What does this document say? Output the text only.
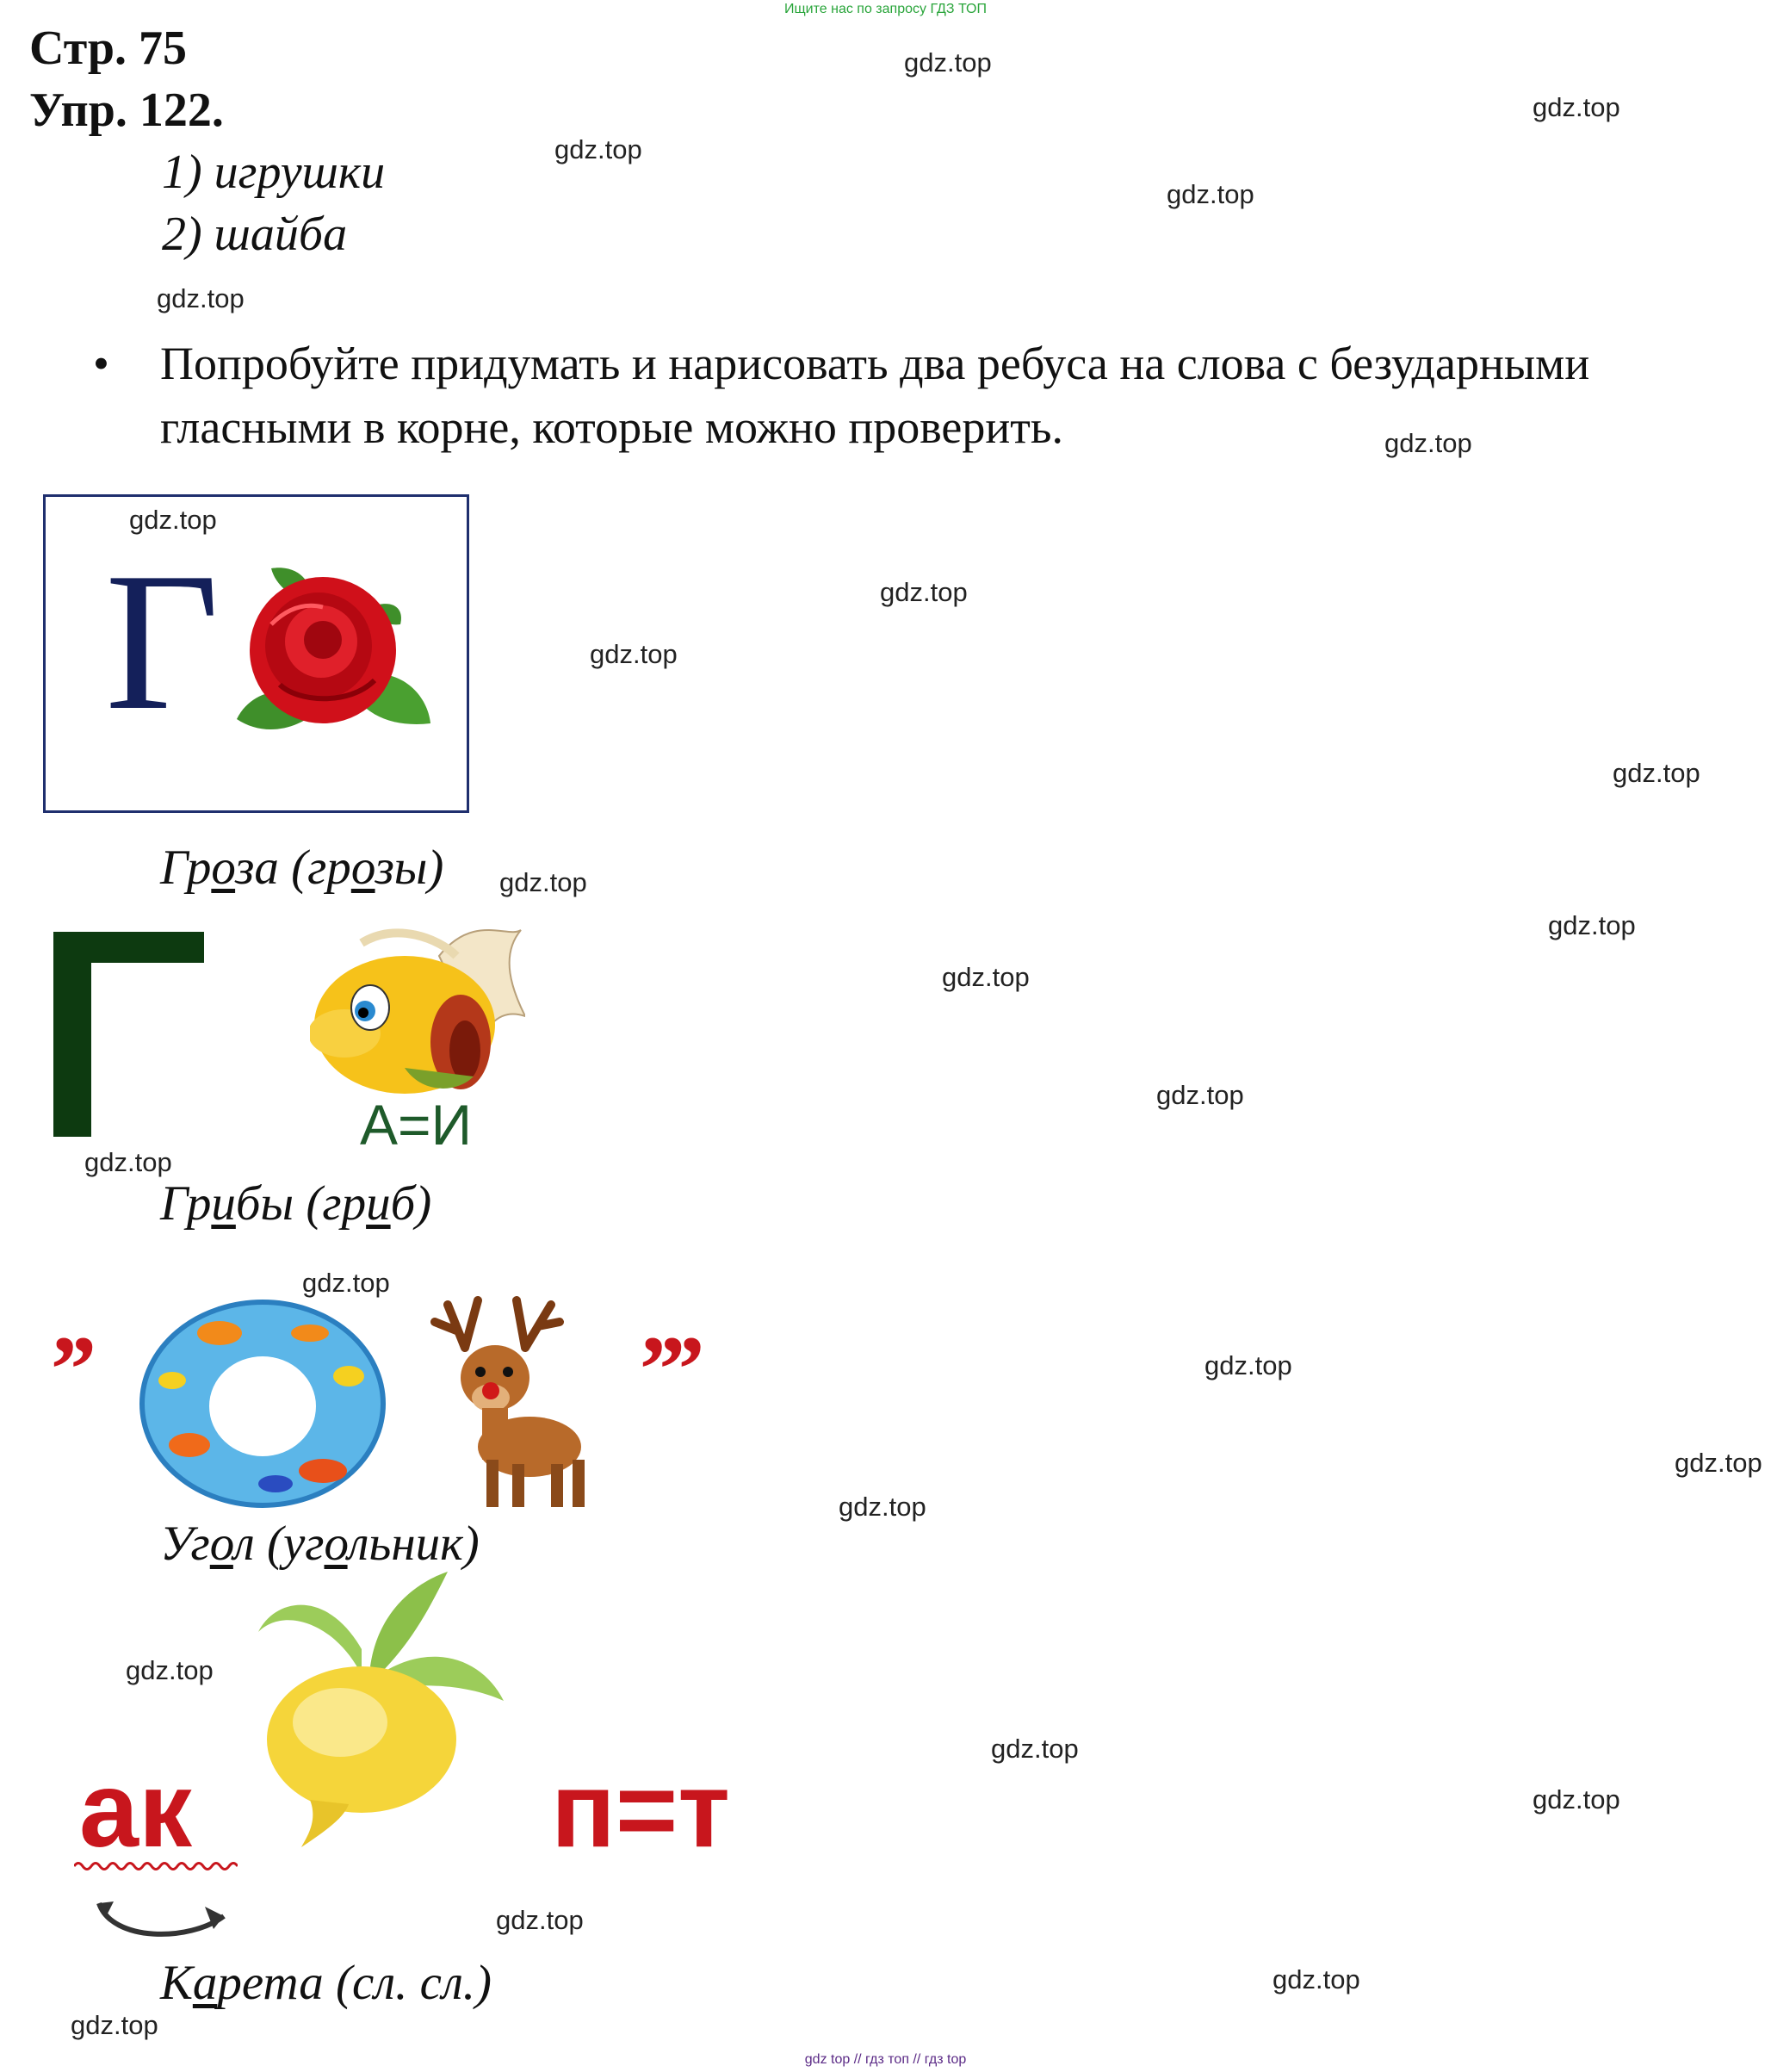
Ищите нас по запросу ГДЗ ТОП
gdz top // гдз топ // гдз top
Стр. 75
Упр. 122.
1) игрушки
2) шайба
•	Попробуйте придумать и нарисовать два ребуса на слова с безударными гласными в корне, которые можно проверить.
Г
Гроза (грозы)
А=И
Грибы (гриб)
’’	’’’
Угол (угольник)
ак	п=т
Карета (сл. сл.)
gdz.top
gdz.top
gdz.top
gdz.top
gdz.top
gdz.top
gdz.top
gdz.top
gdz.top
gdz.top
gdz.top
gdz.top
gdz.top
gdz.top
gdz.top
gdz.top
gdz.top
gdz.top
gdz.top
gdz.top
gdz.top
gdz.top
gdz.top
gdz.top
gdz.top
